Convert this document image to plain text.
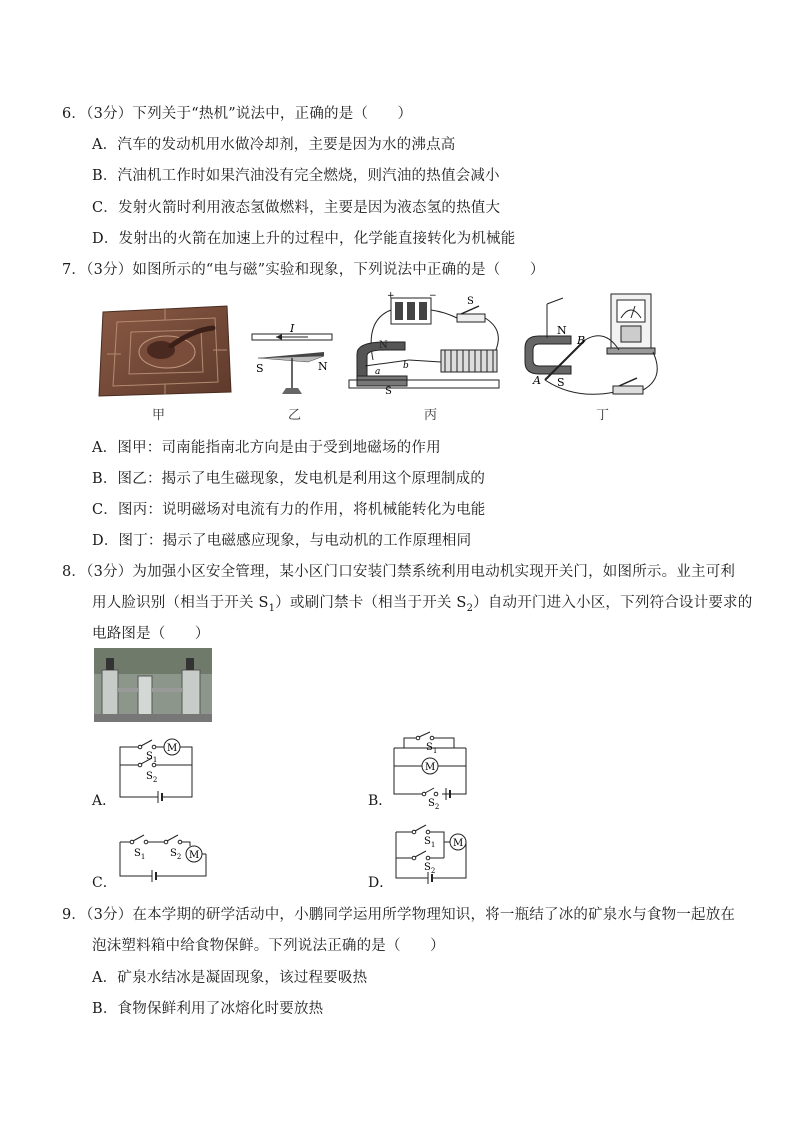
6．（3分）下列关于“热机”说法中，正确的是（　　）
A．汽车的发动机用水做冷却剂，主要是因为水的沸点高
B．汽油机工作时如果汽油没有完全燃烧，则汽油的热值会减小
C．发射火箭时利用液态氢做燃料，主要是因为液态氢的热值大
D．发射出的火箭在加速上升的过程中，化学能直接转化为机械能
7．（3分）如图所示的“电与磁”实验和现象，下列说法中正确的是（　　）
甲
I
S	N
乙
+	−	S
N
S
a
b
丙
N
S
A
B
丁
A．图甲：司南能指南北方向是由于受到地磁场的作用
B．图乙：揭示了电生磁现象，发电机是利用这个原理制成的
C．图丙：说明磁场对电流有力的作用，将机械能转化为电能
D．图丁：揭示了电磁感应现象，与电动机的工作原理相同
8．（3分）为加强小区安全管理，某小区门口安装门禁系统利用电动机实现开关门，如图所示。业主可利
用人脸识别（相当于开关 $S_1$）或刷门禁卡（相当于开关 $S_2$）自动开门进入小区，下列符合设计要求的
电路图是（　　）
M
$S_1$
$S_2$
A．
M
$S_1$
$S_2$
B．
M
$S_1$ $S_2$
C．
M
$S_1$
$S_2$
D．
9．（3分）在本学期的研学活动中，小鹏同学运用所学物理知识，将一瓶结了冰的矿泉水与食物一起放在
泡沫塑料箱中给食物保鲜。下列说法正确的是（　　）
A．矿泉水结冰是凝固现象，该过程要吸热
B．食物保鲜利用了冰熔化时要放热
